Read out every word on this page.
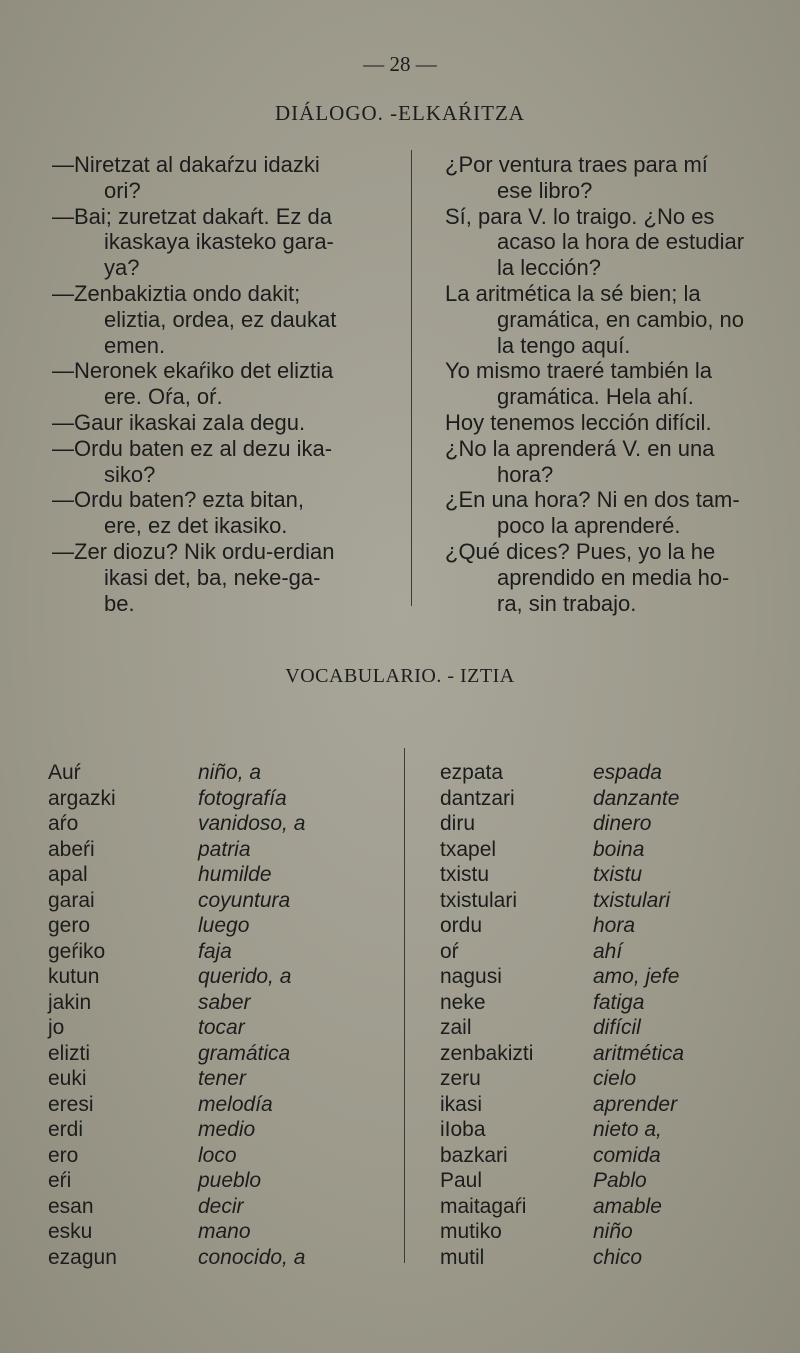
— 28 —
DIÁLOGO. -ELKAŔITZA
—Niretzat al dakaŕzu idazki
ori?
—Bai; zuretzat dakaŕt. Ez da
ikaskaya ikasteko gara-
ya?
—Zenbakiztia ondo dakit;
eliztia, ordea, ez daukat
emen.
—Neronek ekaŕiko det eliztia
ere. Oŕa, oŕ.
—Gaur ikaskai zaIa degu.
—Ordu baten ez al dezu ika-
siko?
—Ordu baten? ezta bitan,
ere, ez det ikasiko.
—Zer diozu? Nik ordu-erdian
ikasi det, ba, neke-ga-
be.
¿Por ventura traes para mí
ese libro?
Sí, para V. lo traigo. ¿No es
acaso la hora de estudiar
la lección?
La aritmética la sé bien; la
gramática, en cambio, no
la tengo aquí.
Yo mismo traeré también la
gramática. Hela ahí.
Hoy tenemos lección difícil.
¿No la aprenderá V. en una
hora?
¿En una hora? Ni en dos tam-
poco la aprenderé.
¿Qué dices? Pues, yo la he
aprendido en media ho-
ra, sin trabajo.
VOCABULARIO. - IZTIA
Auŕ	niño, a
argazki	fotografía
aŕo	vanidoso, a
abeŕi	patria
apal	humilde
garai	coyuntura
gero	luego
geŕiko	faja
kutun	querido, a
jakin	saber
jo	tocar
elizti	gramática
euki	tener
eresi	melodía
erdi	medio
ero	loco
eŕi	pueblo
esan	decir
esku	mano
ezagun	conocido, a
ezpata	espada
dantzari	danzante
diru	dinero
txapel	boina
txistu	txistu
txistulari	txistulari
ordu	hora
oŕ	ahí
nagusi	amo, jefe
neke	fatiga
zail	difícil
zenbakizti	aritmética
zeru	cielo
ikasi	aprender
iIoba	nieto a,
bazkari	comida
Paul	Pablo
maitagaŕi	amable
mutiko	niño
mutil	chico
